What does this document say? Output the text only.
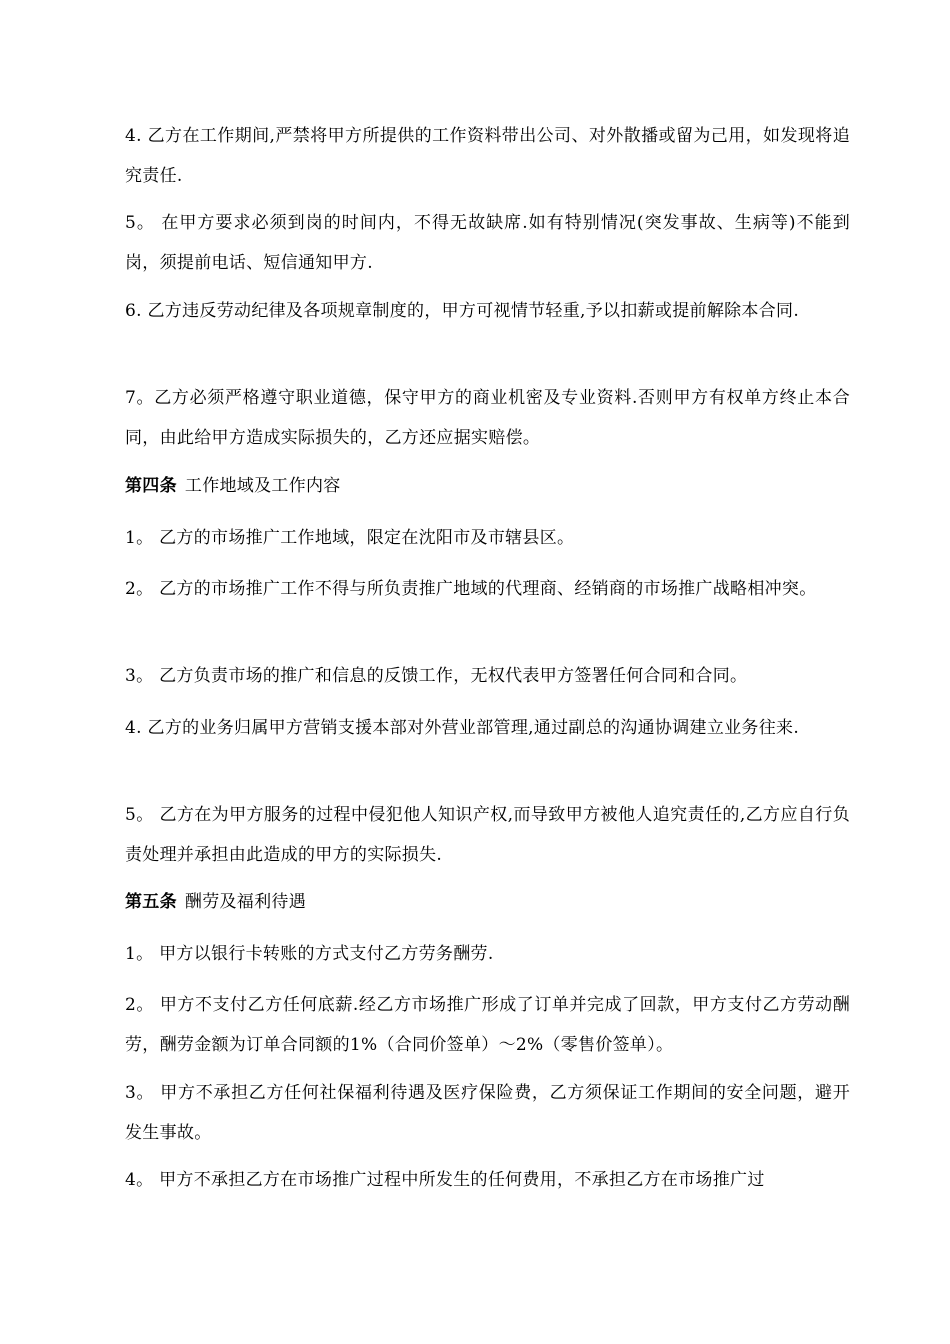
4. 乙方在工作期间,严禁将甲方所提供的工作资料带出公司、对外散播或留为己用，如发现将追究责任.

5。 在甲方要求必须到岗的时间内，不得无故缺席.如有特别情况(突发事故、生病等)不能到岗，须提前电话、短信通知甲方.

6. 乙方违反劳动纪律及各项规章制度的，甲方可视情节轻重,予以扣薪或提前解除本合同.

7。乙方必须严格遵守职业道德，保守甲方的商业机密及专业资料.否则甲方有权单方终止本合同，由此给甲方造成实际损失的，乙方还应据实赔偿。

第四条 工作地域及工作内容

1。 乙方的市场推广工作地域，限定在沈阳市及市辖县区。

2。 乙方的市场推广工作不得与所负责推广地域的代理商、经销商的市场推广战略相冲突。

3。 乙方负责市场的推广和信息的反馈工作，无权代表甲方签署任何合同和合同。

4. 乙方的业务归属甲方营销支援本部对外营业部管理,通过副总的沟通协调建立业务往来.

5。 乙方在为甲方服务的过程中侵犯他人知识产权,而导致甲方被他人追究责任的,乙方应自行负责处理并承担由此造成的甲方的实际损失.

第五条 酬劳及福利待遇

1。 甲方以银行卡转账的方式支付乙方劳务酬劳.

2。 甲方不支付乙方任何底薪.经乙方市场推广形成了订单并完成了回款，甲方支付乙方劳动酬劳，酬劳金额为订单合同额的1%（合同价签单）～2%（零售价签单）。

3。 甲方不承担乙方任何社保福利待遇及医疗保险费，乙方须保证工作期间的安全问题，避开发生事故。

4。 甲方不承担乙方在市场推广过程中所发生的任何费用，不承担乙方在市场推广过
